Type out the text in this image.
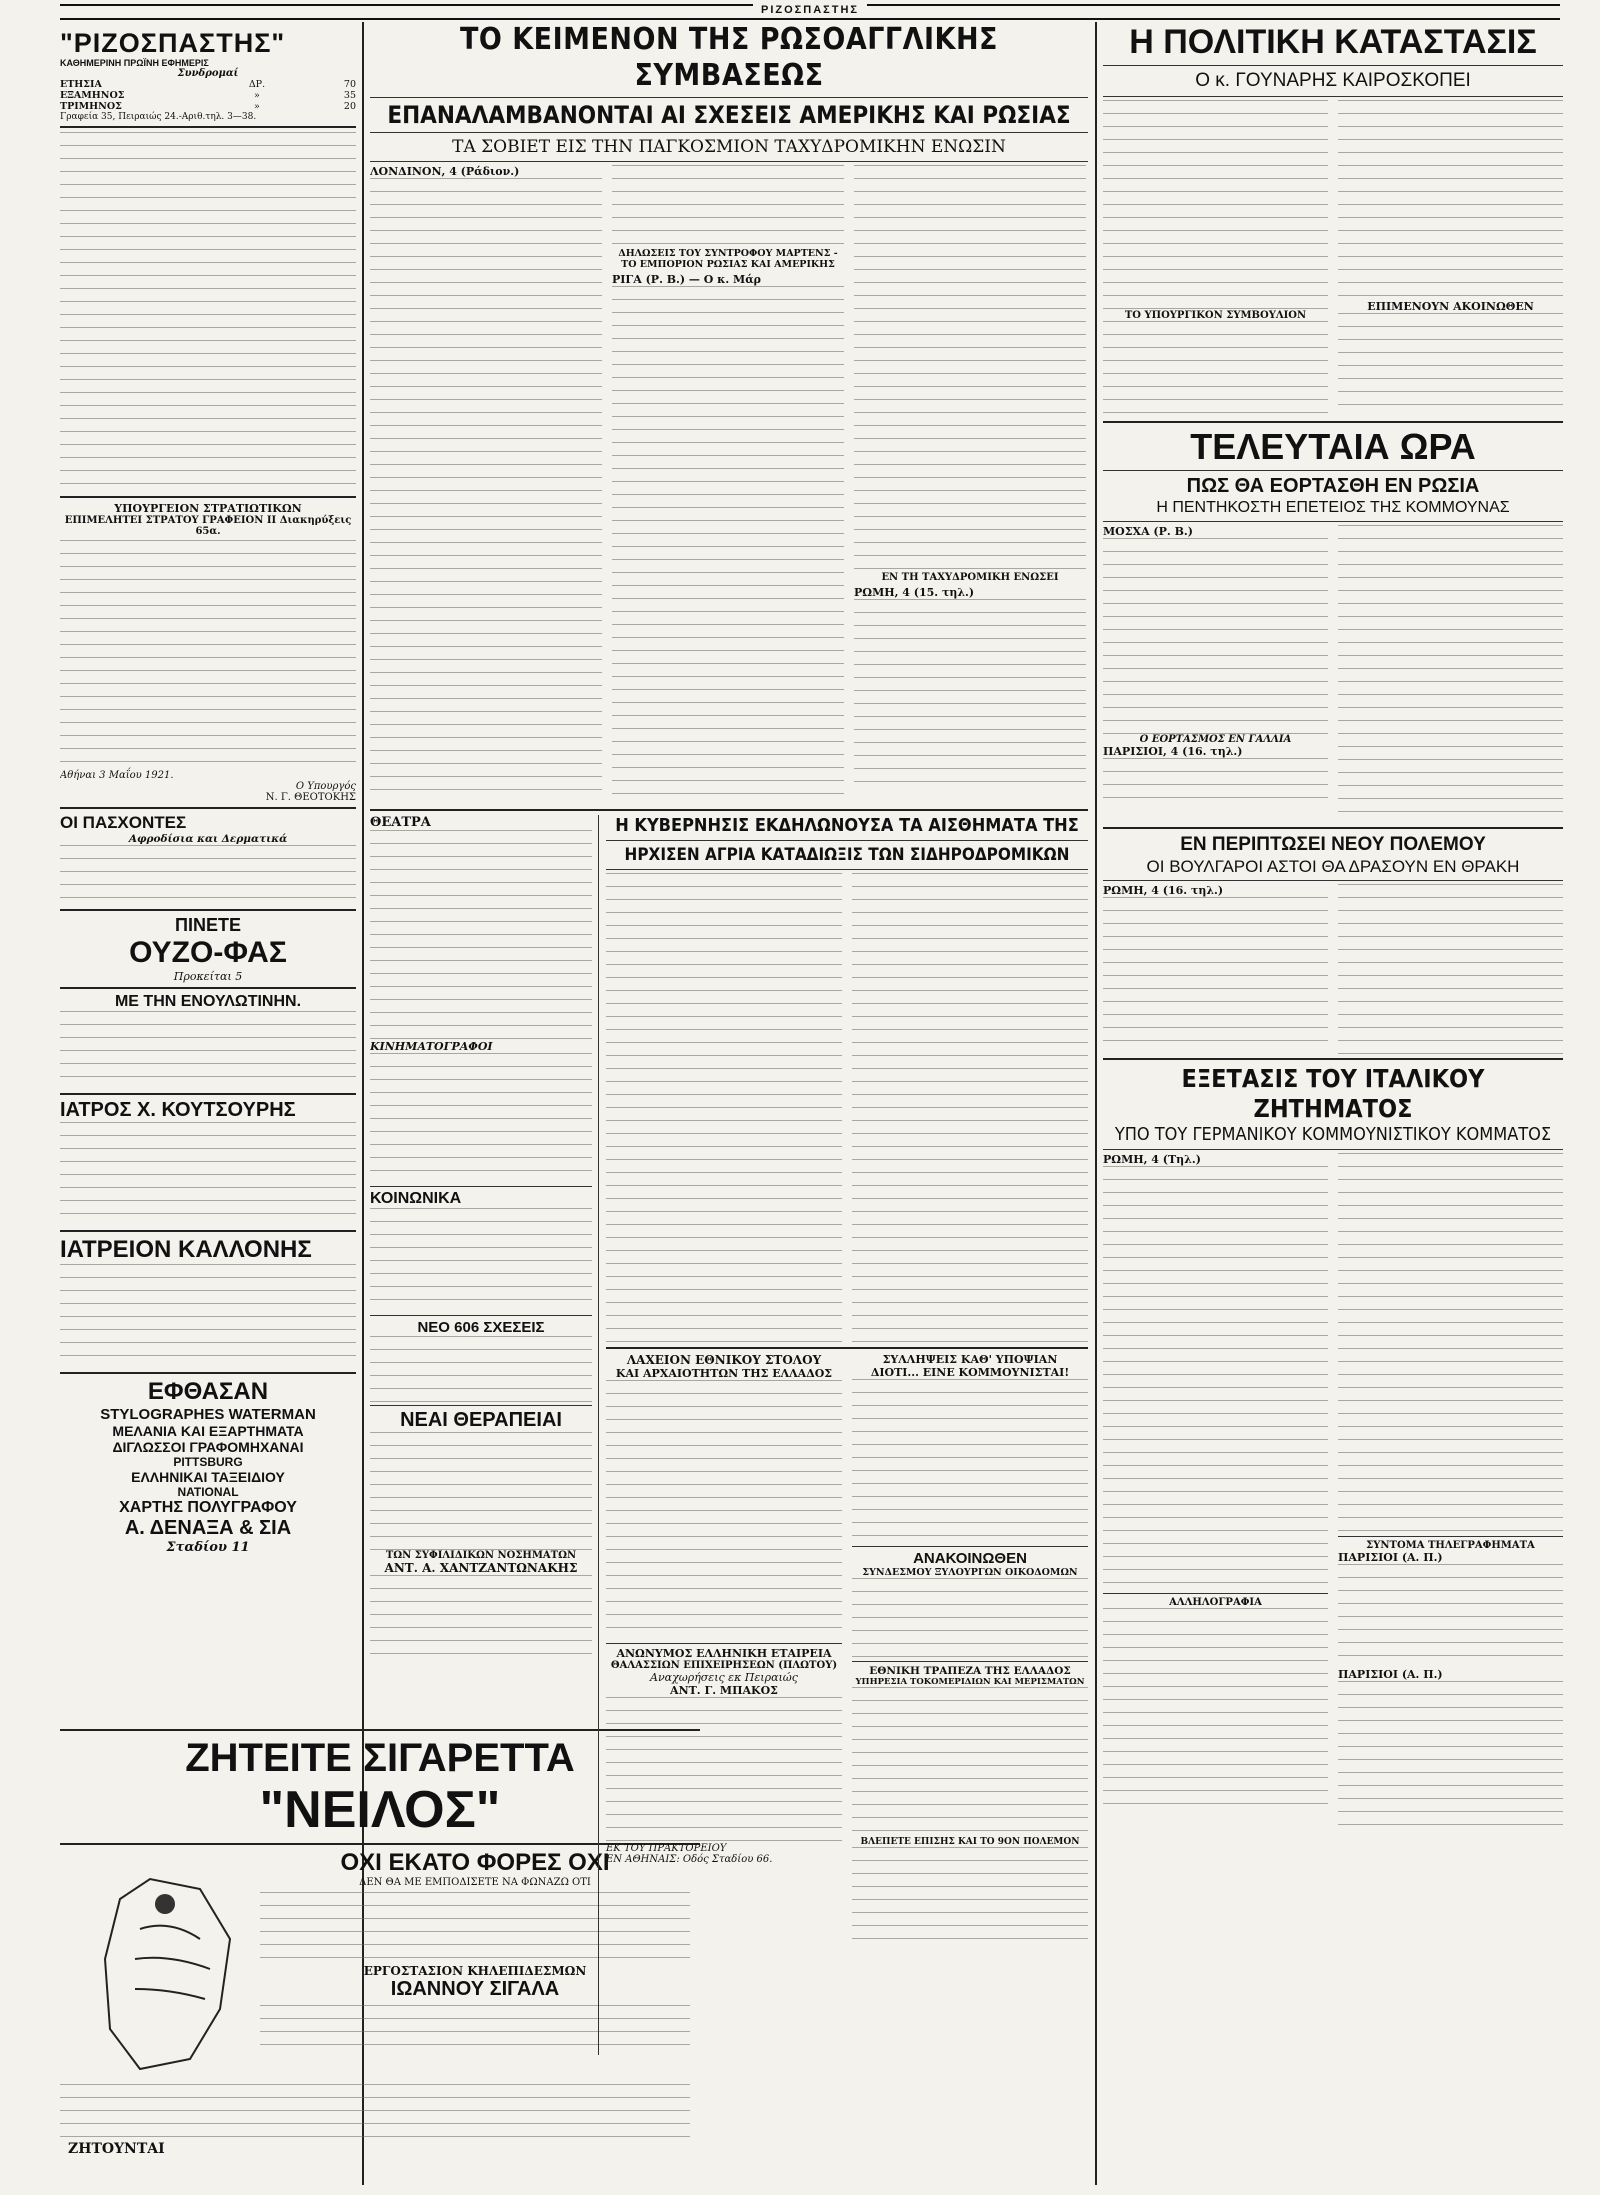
ΡΙΖΟΣΠΑΣΤΗΣ
"ΡΙΖΟΣΠΑΣΤΗΣ"
ΚΑΘΗΜΕΡΙΝΗ ΠΡΩΪΝΗ ΕΦΗΜΕΡΙΣ
Συνδρομαί
ΕΤΗΣΙΑ	ΔΡ.	70
ΕΞΑΜΗΝΟΣ	»	35
ΤΡΙΜΗΝΟΣ	»	20
Γραφεία 35, Πειραιώς 24.-Αριθ.τηλ. 3—38.
ΥΠΟΥΡΓΕΙΟΝ ΣΤΡΑΤΙΩΤΙΚΩΝ
ΕΠΙΜΕΛΗΤΕΙ ΣΤΡΑΤΟΥ ΓΡΑΦΕΙΟΝ II Διακηρύξεις 65α.
Αθήναι 3 Μαΐου 1921.
Ο Υπουργός
Ν. Γ. ΘΕΟΤΟΚΗΣ
ΟΙ ΠΑΣΧΟΝΤΕΣ
Αφροδίσια και Δερματικά
ΠΙΝΕΤΕ
ΟΥΖΟ-ΦΑΣ
Προκείται 5
ΜΕ ΤΗΝ ΕΝΟΥΛΩΤΙΝΗΝ.
ΙΑΤΡΟΣ Χ. ΚΟΥΤΣΟΥΡΗΣ
ΙΑΤΡΕΙΟΝ ΚΑΛΛΟΝΗΣ
ΕΦΘΑΣΑΝ
STYLOGRAPHES WATERMAN
ΜΕΛΑΝΙΑ ΚΑΙ ΕΞΑΡΤΗΜΑΤΑ
ΔΙΓΛΩΣΣΟΙ ΓΡΑΦΟΜΗΧΑΝΑΙ
PITTSBURG
ΕΛΛΗΝΙΚΑΙ ΤΑΞΕΙΔΙΟΥ
NATIONAL
ΧΑΡΤΗΣ ΠΟΛΥΓΡΑΦΟΥ
Α. ΔΕΝΑΞΑ & ΣΙΑ
Σταδίου 11
ΖΗΤΕΙΤΕ ΣΙΓΑΡΕΤΤΑ
"ΝΕΙΛΟΣ"
ΟΧΙ ΕΚΑΤΟ ΦΟΡΕΣ ΟΧΙ
ΔΕΝ ΘΑ ΜΕ ΕΜΠΟΔΙΣΕΤΕ ΝΑ ΦΩΝΑΖΩ ΟΤΙ
ΕΡΓΟΣΤΑΣΙΟΝ ΚΗΛΕΠΙΔΕΣΜΩΝ
ΙΩΑΝΝΟΥ ΣΙΓΑΛΑ
ΖΗΤΟΥΝΤΑΙ
ΤΟ ΚΕΙΜΕΝΟΝ ΤΗΣ ΡΩΣΟΑΓΓΛΙΚΗΣ ΣΥΜΒΑΣΕΩΣ
ΕΠΑΝΑΛΑΜΒΑΝΟΝΤΑΙ ΑΙ ΣΧΕΣΕΙΣ ΑΜΕΡΙΚΗΣ ΚΑΙ ΡΩΣΙΑΣ
ΤΑ ΣΟΒΙΕΤ ΕΙΣ ΤΗΝ ΠΑΓΚΟΣΜΙΟΝ ΤΑΧΥΔΡΟΜΙΚΗΝ ΕΝΩΣΙΝ
ΛΟΝΔΙΝΟΝ, 4 (Ράδιον.)
ΔΗΛΩΣΕΙΣ ΤΟΥ ΣΥΝΤΡΟΦΟΥ ΜΑΡΤΕΝΣ - ΤΟ ΕΜΠΟΡΙΟΝ ΡΩΣΙΑΣ ΚΑΙ ΑΜΕΡΙΚΗΣ
ΡΙΓΑ (Ρ. Β.) — Ο κ. Μάρ
ΕΝ ΤΗ ΤΑΧΥΔΡΟΜΙΚΗ ΕΝΩΣΕΙ
ΡΩΜΗ, 4 (15. τηλ.)
ΘΕΑΤΡΑ
ΚΙΝΗΜΑΤΟΓΡΑΦΟΙ
ΚΟΙΝΩΝΙΚΑ
ΝΕΟ 606 ΣΧΕΣΕΙΣ
ΝΕΑΙ ΘΕΡΑΠΕΙΑΙ
ΤΩΝ ΣΥΦΙΛΙΔΙΚΩΝ ΝΟΣΗΜΑΤΩΝ
ΑΝΤ. Α. ΧΑΝΤΖΑΝΤΩΝΑΚΗΣ
Η ΚΥΒΕΡΝΗΣΙΣ ΕΚΔΗΛΩΝΟΥΣΑ ΤΑ ΑΙΣΘΗΜΑΤΑ ΤΗΣ
ΗΡΧΙΣΕΝ ΑΓΡΙΑ ΚΑΤΑΔΙΩΞΙΣ ΤΩΝ ΣΙΔΗΡΟΔΡΟΜΙΚΩΝ
ΛΑΧΕΙΟΝ ΕΘΝΙΚΟΥ ΣΤΟΛΟΥ
ΚΑΙ ΑΡΧΑΙΟΤΗΤΩΝ ΤΗΣ ΕΛΛΑΔΟΣ
ΑΝΩΝΥΜΟΣ ΕΛΛΗΝΙΚΗ ΕΤΑΙΡΕΙΑ
ΘΑΛΑΣΣΙΩΝ ΕΠΙΧΕΙΡΗΣΕΩΝ (ΠΛΩΤΟΥ)
Αναχωρήσεις εκ Πειραιώς
ΑΝΤ. Γ. ΜΠΑΚΟΣ
ΕΚ ΤΟΥ ΠΡΑΚΤΟΡΕΙΟΥ
ΕΝ ΑΘΗΝΑΙΣ: Οδός Σταδίου 66.
ΣΥΛΛΗΨΕΙΣ ΚΑΘ' ΥΠΟΨΙΑΝ
ΔΙΟΤΙ... ΕΙΝΕ ΚΟΜΜΟΥΝΙΣΤΑΙ!
ΑΝΑΚΟΙΝΩΘΕΝ
ΣΥΝΔΕΣΜΟΥ ΞΥΛΟΥΡΓΩΝ ΟΙΚΟΔΟΜΩΝ
ΕΘΝΙΚΗ ΤΡΑΠΕΖΑ ΤΗΣ ΕΛΛΑΔΟΣ
ΥΠΗΡΕΣΙΑ ΤΟΚΟΜΕΡΙΔΙΩΝ ΚΑΙ ΜΕΡΙΣΜΑΤΩΝ
ΒΛΕΠΕΤΕ ΕΠΙΣΗΣ ΚΑΙ ΤΟ 9ΟΝ ΠΟΛΕΜΟΝ
Η ΠΟΛΙΤΙΚΗ ΚΑΤΑΣΤΑΣΙΣ
Ο κ. ΓΟΥΝΑΡΗΣ ΚΑΙΡΟΣΚΟΠΕΙ
ΤΟ ΥΠΟΥΡΓΙΚΟΝ ΣΥΜΒΟΥΛΙΟΝ
ΕΠΙΜΕΝΟΥΝ ΑΚΟΙΝΩΘΕΝ
ΤΕΛΕΥΤΑΙΑ ΩΡΑ
ΠΩΣ ΘΑ ΕΟΡΤΑΣΘΗ ΕΝ ΡΩΣΙΑ
Η ΠΕΝΤΗΚΟΣΤΗ ΕΠΕΤΕΙΟΣ ΤΗΣ ΚΟΜΜΟΥΝΑΣ
ΜΟΣΧΑ (Ρ. Β.)
Ο ΕΟΡΤΑΣΜΟΣ ΕΝ ΓΑΛΛΙΑ
ΠΑΡΙΣΙΟΙ, 4 (16. τηλ.)
ΕΝ ΠΕΡΙΠΤΩΣΕΙ ΝΕΟΥ ΠΟΛΕΜΟΥ
ΟΙ ΒΟΥΛΓΑΡΟΙ ΑΣΤΟΙ ΘΑ ΔΡΑΣΟΥΝ ΕΝ ΘΡΑΚΗ
ΡΩΜΗ, 4 (16. τηλ.)
ΕΞΕΤΑΣΙΣ ΤΟΥ ΙΤΑΛΙΚΟΥ ΖΗΤΗΜΑΤΟΣ
ΥΠΟ ΤΟΥ ΓΕΡΜΑΝΙΚΟΥ ΚΟΜΜΟΥΝΙΣΤΙΚΟΥ ΚΟΜΜΑΤΟΣ
ΡΩΜΗ, 4 (Τηλ.)
ΑΛΛΗΛΟΓΡΑΦΙΑ
ΣΥΝΤΟΜΑ ΤΗΛΕΓΡΑΦΗΜΑΤΑ
ΠΑΡΙΣΙΟΙ (Α. Π.)
ΠΑΡΙΣΙΟΙ (Α. Π.)
